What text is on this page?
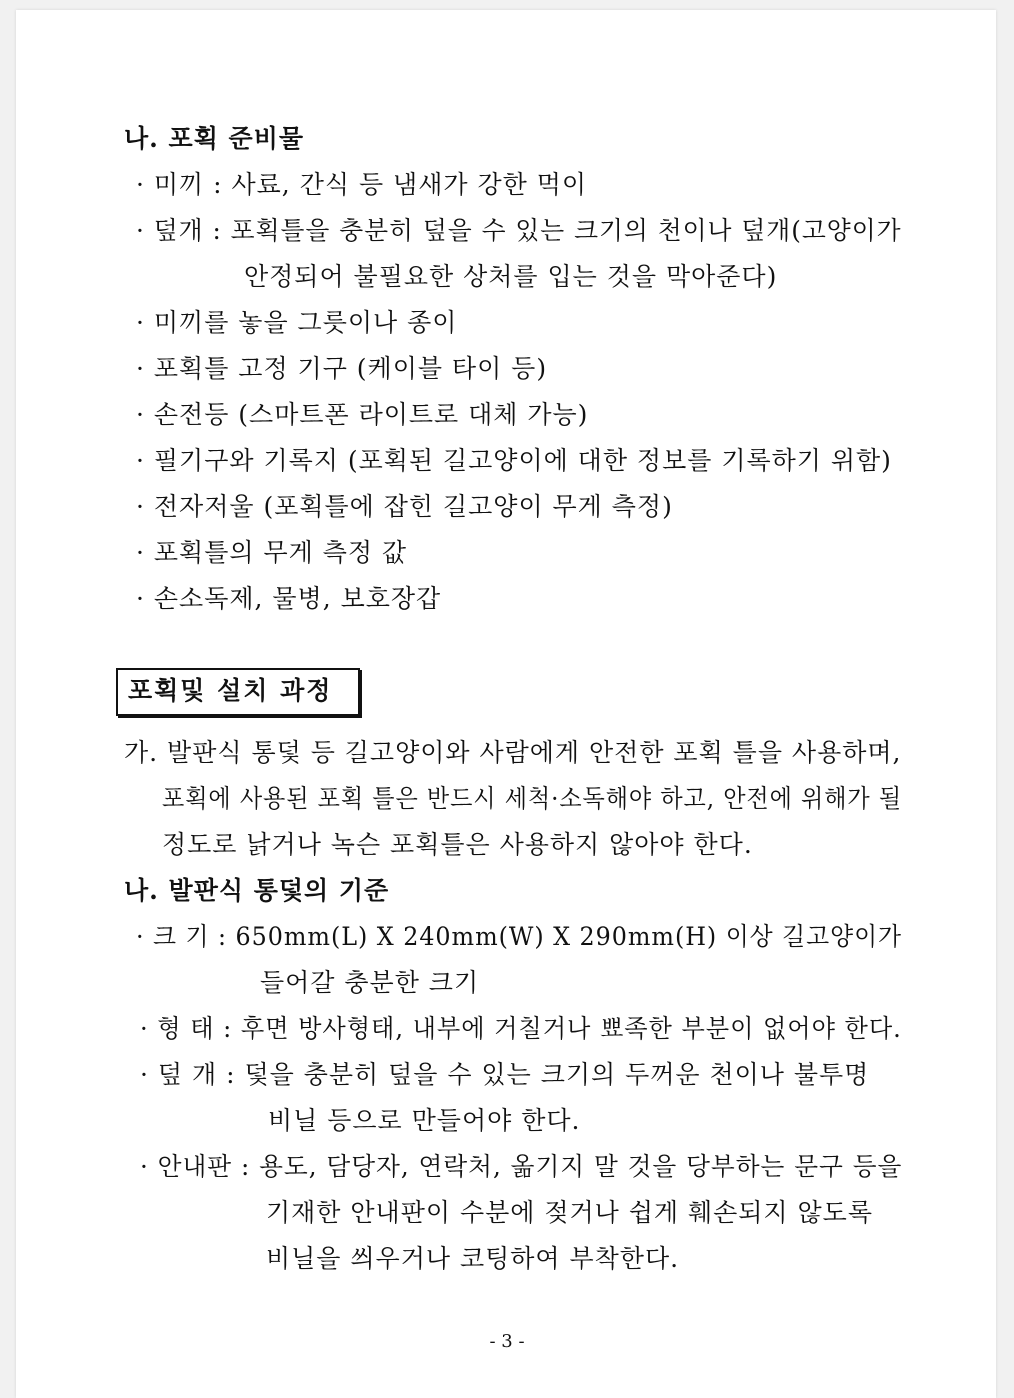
나. 포획 준비물
· 미끼 : 사료, 간식 등 냄새가 강한 먹이
· 덮개 : 포획틀을 충분히 덮을 수 있는 크기의 천이나 덮개(고양이가
안정되어 불필요한 상처를 입는 것을 막아준다)
· 미끼를 놓을 그릇이나 종이
· 포획틀 고정 기구 (케이블 타이 등)
· 손전등 (스마트폰 라이트로 대체 가능)
· 필기구와 기록지 (포획된 길고양이에 대한 정보를 기록하기 위함)
· 전자저울 (포획틀에 잡힌 길고양이 무게 측정)
· 포획틀의 무게 측정 값
· 손소독제, 물병, 보호장갑
포획및 설치 과정
가. 발판식 통덫 등 길고양이와 사람에게 안전한 포획 틀을 사용하며,
포획에 사용된 포획 틀은 반드시 세척·소독해야 하고, 안전에 위해가 될
정도로 낡거나 녹슨 포획틀은 사용하지 않아야 한다.
나. 발판식 통덫의 기준
· 크 기 : 650mm(L) X 240mm(W) X 290mm(H) 이상 길고양이가
들어갈 충분한 크기
· 형 태 : 후면 방사형태, 내부에 거칠거나 뾰족한 부분이 없어야 한다.
· 덮 개 : 덫을 충분히 덮을 수 있는 크기의 두꺼운 천이나 불투명
비닐 등으로 만들어야 한다.
· 안내판 : 용도, 담당자, 연락처, 옮기지 말 것을 당부하는 문구 등을
기재한 안내판이 수분에 젖거나 쉽게 훼손되지 않도록
비닐을 씌우거나 코팅하여 부착한다.
- 3 -
